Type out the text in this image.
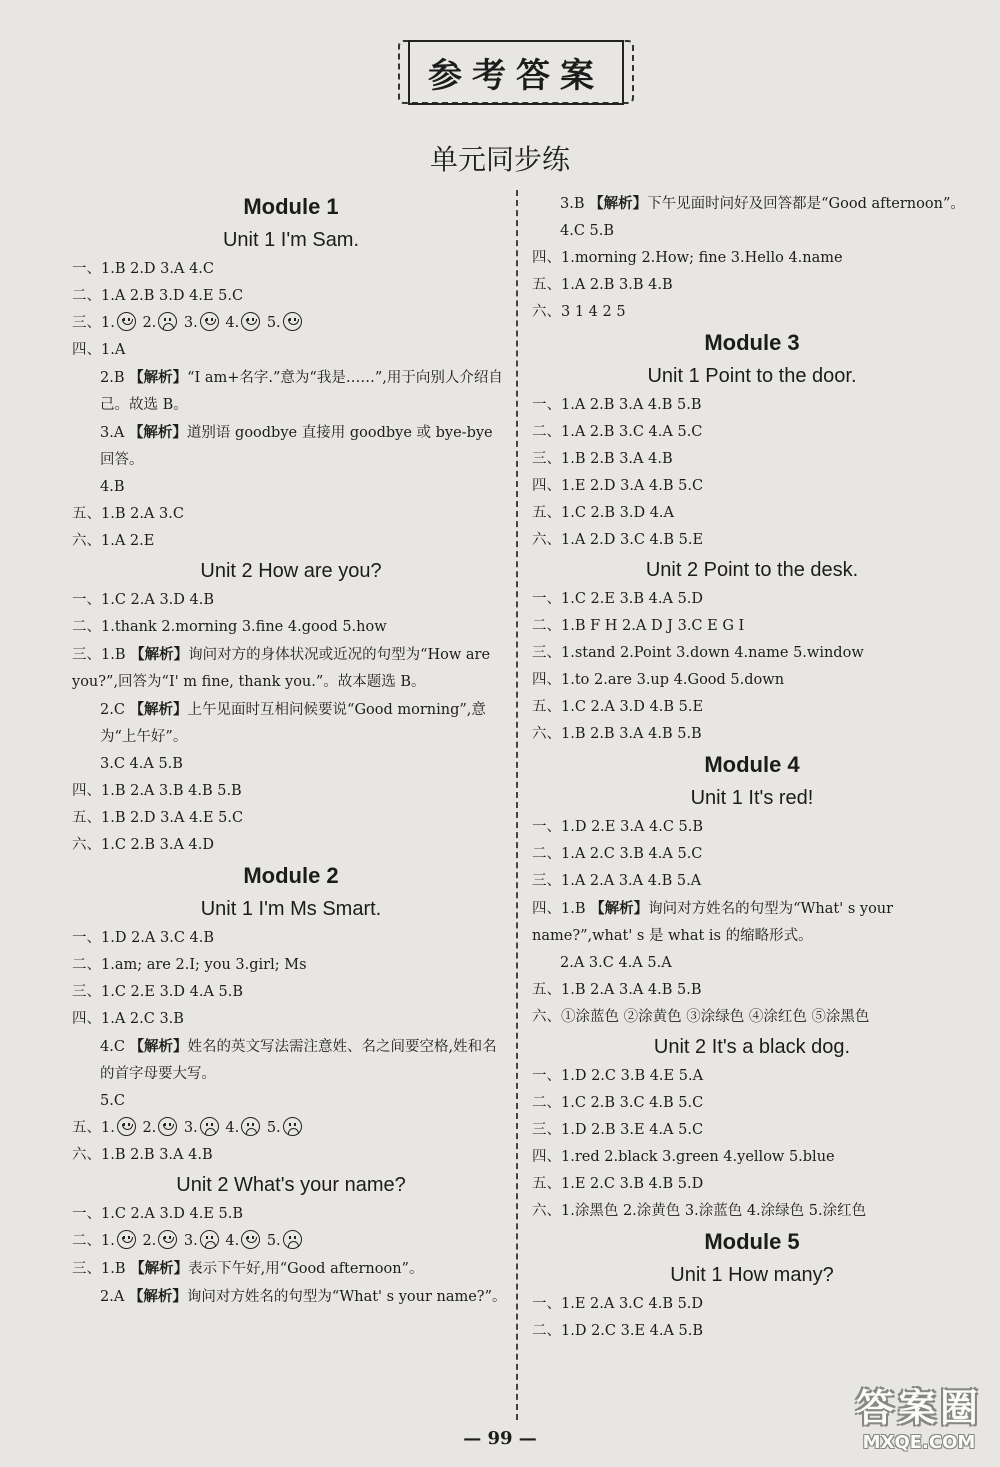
参考答案
单元同步练
Module 1
Unit 1 I'm Sam.
一、1.B 2.D 3.A 4.C
二、1.A 2.B 3.D 4.E 5.C
三、1. 2. 3. 4. 5.
四、1.A
2.B 【解析】“I am+名字.”意为“我是……”,用于向别人介绍自己。故选 B。
3.A 【解析】道别语 goodbye 直接用 goodbye 或 bye-bye 回答。
4.B
五、1.B 2.A 3.C
六、1.A 2.E
Unit 2 How are you?
一、1.C 2.A 3.D 4.B
二、1.thank 2.morning 3.fine 4.good 5.how
三、1.B 【解析】询问对方的身体状况或近况的句型为“How are you?”,回答为“I' m fine, thank you.”。故本题选 B。
2.C 【解析】上午见面时互相问候要说“Good morning”,意为“上午好”。
3.C 4.A 5.B
四、1.B 2.A 3.B 4.B 5.B
五、1.B 2.D 3.A 4.E 5.C
六、1.C 2.B 3.A 4.D
Module 2
Unit 1 I'm Ms Smart.
一、1.D 2.A 3.C 4.B
二、1.am; are 2.I; you 3.girl; Ms
三、1.C 2.E 3.D 4.A 5.B
四、1.A 2.C 3.B
4.C 【解析】姓名的英文写法需注意姓、名之间要空格,姓和名的首字母要大写。
5.C
五、1. 2. 3. 4. 5.
六、1.B 2.B 3.A 4.B
Unit 2 What's your name?
一、1.C 2.A 3.D 4.E 5.B
二、1. 2. 3. 4. 5.
三、1.B 【解析】表示下午好,用“Good afternoon”。
2.A 【解析】询问对方姓名的句型为“What' s your name?”。
3.B 【解析】下午见面时问好及回答都是“Good afternoon”。
4.C 5.B
四、1.morning 2.How; fine 3.Hello 4.name
五、1.A 2.B 3.B 4.B
六、3 1 4 2 5
Module 3
Unit 1 Point to the door.
一、1.A 2.B 3.A 4.B 5.B
二、1.A 2.B 3.C 4.A 5.C
三、1.B 2.B 3.A 4.B
四、1.E 2.D 3.A 4.B 5.C
五、1.C 2.B 3.D 4.A
六、1.A 2.D 3.C 4.B 5.E
Unit 2 Point to the desk.
一、1.C 2.E 3.B 4.A 5.D
二、1.B F H 2.A D J 3.C E G I
三、1.stand 2.Point 3.down 4.name 5.window
四、1.to 2.are 3.up 4.Good 5.down
五、1.C 2.A 3.D 4.B 5.E
六、1.B 2.B 3.A 4.B 5.B
Module 4
Unit 1 It's red!
一、1.D 2.E 3.A 4.C 5.B
二、1.A 2.C 3.B 4.A 5.C
三、1.A 2.A 3.A 4.B 5.A
四、1.B 【解析】询问对方姓名的句型为“What' s your name?”,what' s 是 what is 的缩略形式。
2.A 3.C 4.A 5.A
五、1.B 2.A 3.A 4.B 5.B
六、①涂蓝色 ②涂黄色 ③涂绿色 ④涂红色 ⑤涂黑色
Unit 2 It's a black dog.
一、1.D 2.C 3.B 4.E 5.A
二、1.C 2.B 3.C 4.B 5.C
三、1.D 2.B 3.E 4.A 5.C
四、1.red 2.black 3.green 4.yellow 5.blue
五、1.E 2.C 3.B 4.B 5.D
六、1.涂黑色 2.涂黄色 3.涂蓝色 4.涂绿色 5.涂红色
Module 5
Unit 1 How many?
一、1.E 2.A 3.C 4.B 5.D
二、1.D 2.C 3.E 4.A 5.B
— 99 —
答案圈
MXQE.COM
